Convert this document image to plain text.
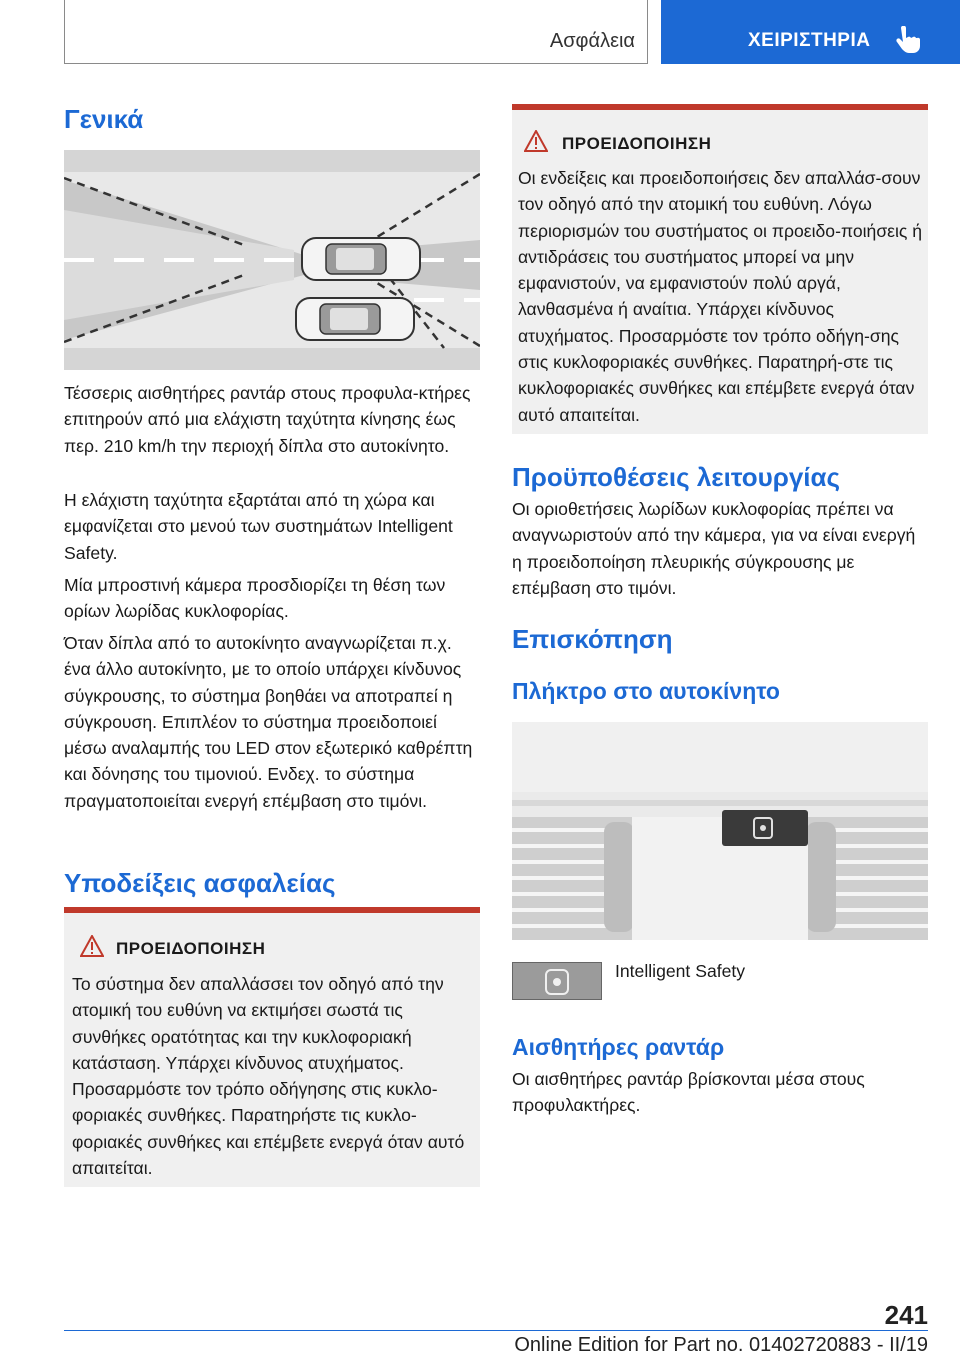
Ασφάλεια	ΧΕΙΡΙΣΤΗΡΙΑ
Γενικά

Τέσσερις αισθητήρες ραντάρ στους προφυλα-κτήρες επιτηρούν από μια ελάχιστη ταχύτητα κίνησης έως περ. 210 km/h την περιοχή δίπλα στο αυτοκίνητο.

Η ελάχιστη ταχύτητα εξαρτάται από τη χώρα και εμφανίζεται στο μενού των συστημάτων Intelligent Safety.

Μία μπροστινή κάμερα προσδιορίζει τη θέση των ορίων λωρίδας κυκλοφορίας.

Όταν δίπλα από το αυτοκίνητο αναγνωρίζεται π.χ. ένα άλλο αυτοκίνητο, με το οποίο υπάρχει κίνδυνος σύγκρουσης, το σύστημα βοηθάει να αποτραπεί η σύγκρουση. Επιπλέον το σύστημα προειδοποιεί μέσω αναλαμπής του LED στον εξωτερικό καθρέπτη και δόνησης του τιμονιού. Ενδεχ. το σύστημα πραγματοποιείται ενεργή επέμβαση στο τιμόνι.

Υποδείξεις ασφαλείας
ΠΡΟΕΙΔΟΠΟΙΗΣΗ

Το σύστημα δεν απαλλάσσει τον οδηγό από την ατομική του ευθύνη να εκτιμήσει σωστά τις συνθήκες ορατότητας και την κυκλοφοριακή κατάσταση. Υπάρχει κίνδυνος ατυχήματος. Προσαρμόστε τον τρόπο οδήγησης στις κυκλο-φοριακές συνθήκες. Παρατηρήστε τις κυκλο-φοριακές συνθήκες και επέμβετε ενεργά όταν αυτό απαιτείται.

ΠΡΟΕΙΔΟΠΟΙΗΣΗ

Οι ενδείξεις και προειδοποιήσεις δεν απαλλάσ-σουν τον οδηγό από την ατομική του ευθύνη. Λόγω περιορισμών του συστήματος οι προειδο-ποιήσεις ή αντιδράσεις του συστήματος μπορεί να μην εμφανιστούν, να εμφανιστούν πολύ αργά, λανθασμένα ή αναίτια. Υπάρχει κίνδυνος ατυχήματος. Προσαρμόστε τον τρόπο οδήγη-σης στις κυκλοφοριακές συνθήκες. Παρατηρή-στε τις κυκλοφοριακές συνθήκες και επέμβετε ενεργά όταν αυτό απαιτείται.

Προϋποθέσεις λειτουργίας

Οι οριοθετήσεις λωρίδων κυκλοφορίας πρέπει να αναγνωριστούν από την κάμερα, για να είναι ενεργή η προειδοποίηση πλευρικής σύγκρουσης με επέμβαση στο τιμόνι.

Επισκόπηση
Πλήκτρο στο αυτοκίνητο
Intelligent Safety
Αισθητήρες ραντάρ

Οι αισθητήρες ραντάρ βρίσκονται μέσα στους προφυλακτήρες.

241
Online Edition for Part no. 01402720883 - II/19
